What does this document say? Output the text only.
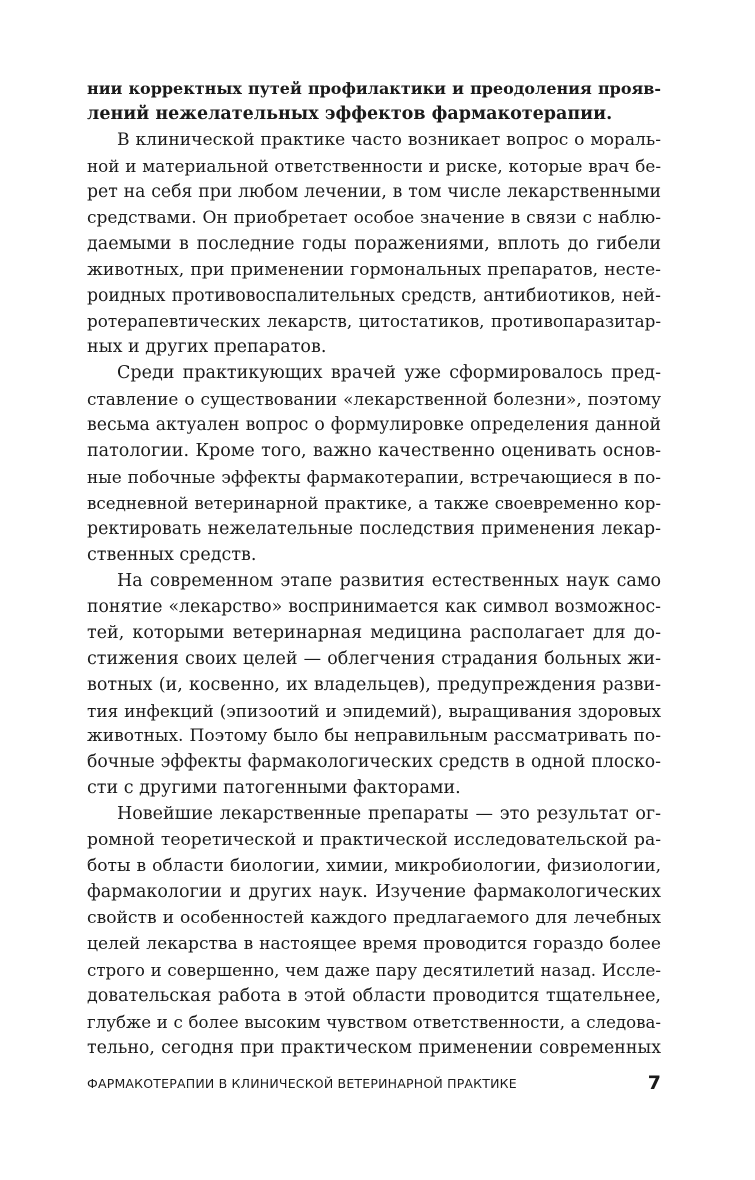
нии корректных путей профилактики и преодоления прояв-
лений нежелательных эффектов фармакотерапии.
В клинической практике часто возникает вопрос о мораль-
ной и материальной ответственности и риске, которые врач бе-
рет на себя при любом лечении, в том числе лекарственными
средствами. Он приобретает особое значение в связи с наблю-
даемыми в последние годы поражениями, вплоть до гибели
животных, при применении гормональных препаратов, несте-
роидных противовоспалительных средств, антибиотиков, ней-
ротерапевтических лекарств, цитостатиков, противопаразитар-
ных и других препаратов.
Среди практикующих врачей уже сформировалось пред-
ставление о существовании «лекарственной болезни», поэтому
весьма актуален вопрос о формулировке определения данной
патологии. Кроме того, важно качественно оценивать основ-
ные побочные эффекты фармакотерапии, встречающиеся в по-
вседневной ветеринарной практике, а также своевременно кор-
ректировать нежелательные последствия применения лекар-
ственных средств.
На современном этапе развития естественных наук само
понятие «лекарство» воспринимается как символ возможнос-
тей, которыми ветеринарная медицина располагает для до-
стижения своих целей — облегчения страдания больных жи-
вотных (и, косвенно, их владельцев), предупреждения разви-
тия инфекций (эпизоотий и эпидемий), выращивания здоровых
животных. Поэтому было бы неправильным рассматривать по-
бочные эффекты фармакологических средств в одной плоско-
сти с другими патогенными факторами.
Новейшие лекарственные препараты — это результат ог-
ромной теоретической и практической исследовательской ра-
боты в области биологии, химии, микробиологии, физиологии,
фармакологии и других наук. Изучение фармакологических
свойств и особенностей каждого предлагаемого для лечебных
целей лекарства в настоящее время проводится гораздо более
строго и совершенно, чем даже пару десятилетий назад. Иссле-
довательская работа в этой области проводится тщательнее,
глубже и с более высоким чувством ответственности, а следова-
тельно, сегодня при практическом применении современных
ФАРМАКОТЕРАПИИ В КЛИНИЧЕСКОЙ ВЕТЕРИНАРНОЙ ПРАКТИКЕ	7
